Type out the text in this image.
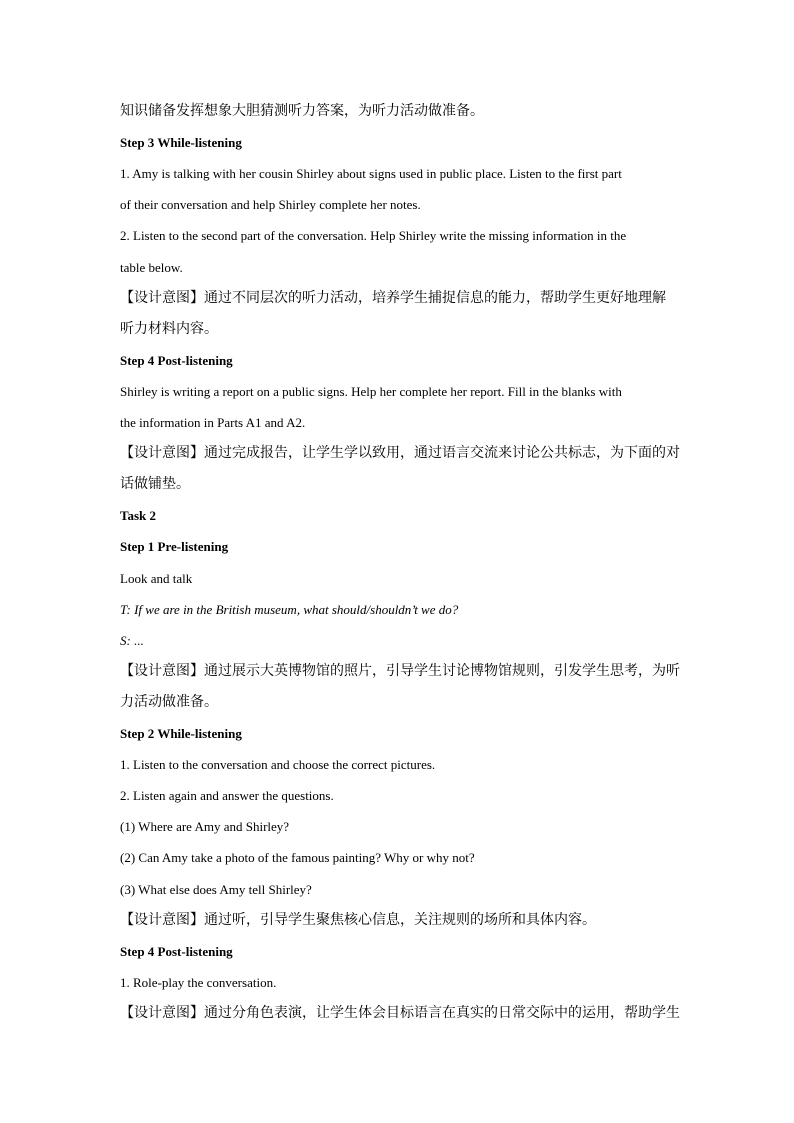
知识储备发挥想象大胆猜测听力答案，为听力活动做准备。
Step 3 While-listening
1. Amy is talking with her cousin Shirley about signs used in public place. Listen to the first part
of their conversation and help Shirley complete her notes.
2. Listen to the second part of the conversation. Help Shirley write the missing information in the
table below.
【设计意图】通过不同层次的听力活动，培养学生捕捉信息的能力，帮助学生更好地理解
听力材料内容。
Step 4 Post-listening
Shirley is writing a report on a public signs. Help her complete her report. Fill in the blanks with
the information in Parts A1 and A2.
【设计意图】通过完成报告，让学生学以致用，通过语言交流来讨论公共标志，为下面的对
话做铺垫。
Task 2
Step 1 Pre-listening
Look and talk
T: If we are in the British museum, what should/shouldn’t we do?
S: ...
【设计意图】通过展示大英博物馆的照片，引导学生讨论博物馆规则，引发学生思考，为听
力活动做准备。
Step 2 While-listening
1. Listen to the conversation and choose the correct pictures.
2. Listen again and answer the questions.
(1) Where are Amy and Shirley?
(2) Can Amy take a photo of the famous painting? Why or why not?
(3) What else does Amy tell Shirley?
【设计意图】通过听，引导学生聚焦核心信息，关注规则的场所和具体内容。
Step 4 Post-listening
1. Role-play the conversation.
【设计意图】通过分角色表演，让学生体会目标语言在真实的日常交际中的运用，帮助学生
